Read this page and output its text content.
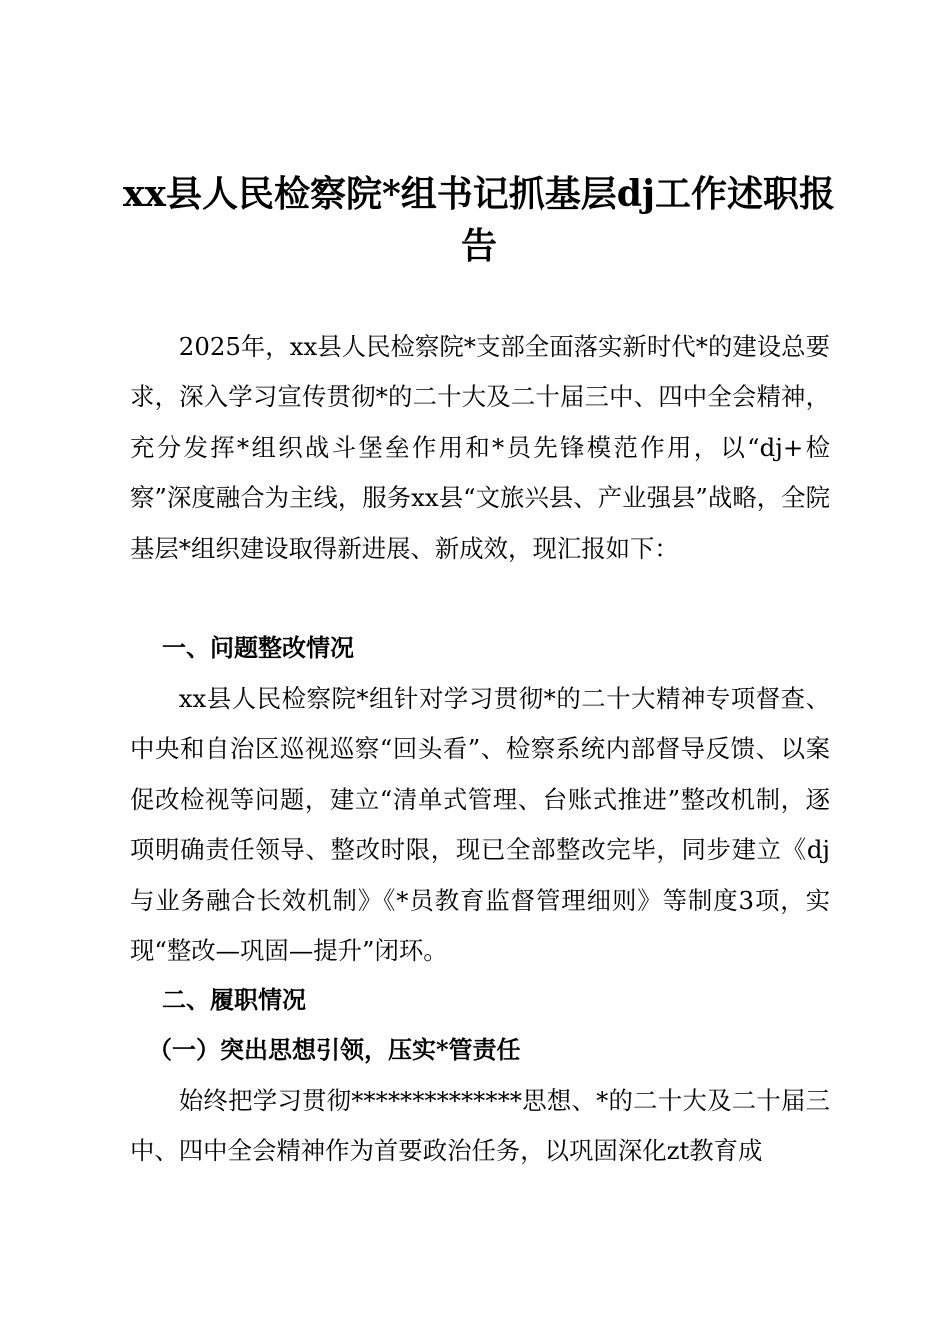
xx县人民检察院*组书记抓基层dj工作述职报告

2025年，xx县人民检察院*支部全面落实新时代*的建设总要求，深入学习宣传贯彻*的二十大及二十届三中、四中全会精神，充分发挥*组织战斗堡垒作用和*员先锋模范作用，以“dj+检察”深度融合为主线，服务xx县“文旅兴县、产业强县”战略，全院基层*组织建设取得新进展、新成效，现汇报如下：

一、问题整改情况

xx县人民检察院*组针对学习贯彻*的二十大精神专项督查、中央和自治区巡视巡察“回头看”、检察系统内部督导反馈、以案促改检视等问题，建立“清单式管理、台账式推进”整改机制，逐项明确责任领导、整改时限，现已全部整改完毕，同步建立《dj与业务融合长效机制》《*员教育监督管理细则》等制度3项，实现“整改—巩固—提升”闭环。

二、履职情况
（一）突出思想引领，压实*管责任

始终把学习贯彻**************思想、*的二十大及二十届三中、四中全会精神作为首要政治任务，以巩固深化zt教育成
